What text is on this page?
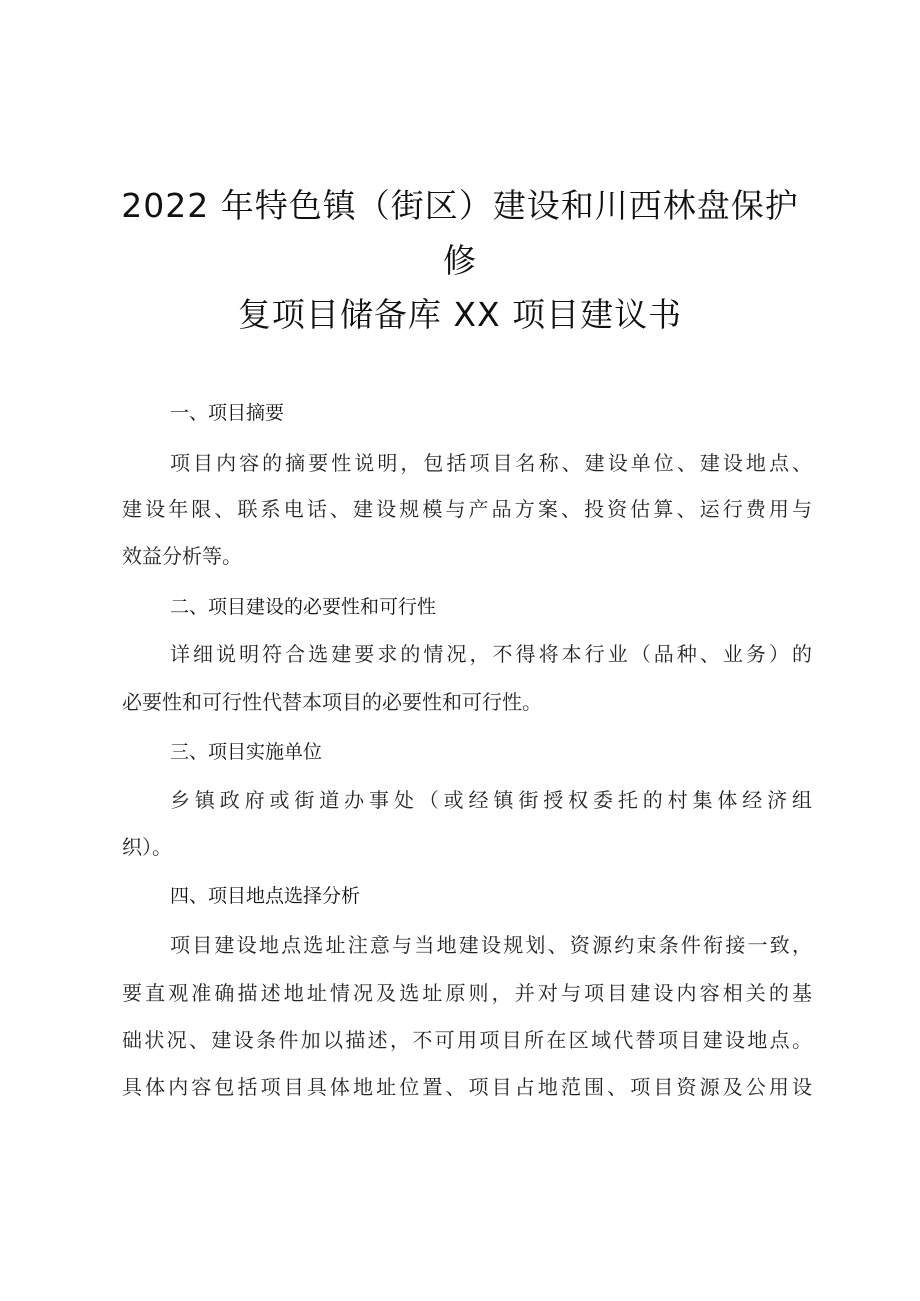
2022 年特色镇（街区）建设和川西林盘保护
修
复项目储备库 XX 项目建议书
一、项目摘要
项目内容的摘要性说明，包括项目名称、建设单位、建设地点、
建设年限、联系电话、建设规模与产品方案、投资估算、运行费用与
效益分析等。
二、项目建设的必要性和可行性
详细说明符合选建要求的情况，不得将本行业（品种、业务）的
必要性和可行性代替本项目的必要性和可行性。
三、项目实施单位
乡镇政府或街道办事处（或经镇街授权委托的村集体经济组
织）。
四、项目地点选择分析
项目建设地点选址注意与当地建设规划、资源约束条件衔接一致，
要直观准确描述地址情况及选址原则，并对与项目建设内容相关的基
础状况、建设条件加以描述，不可用项目所在区域代替项目建设地点。
具体内容包括项目具体地址位置、项目占地范围、项目资源及公用设
